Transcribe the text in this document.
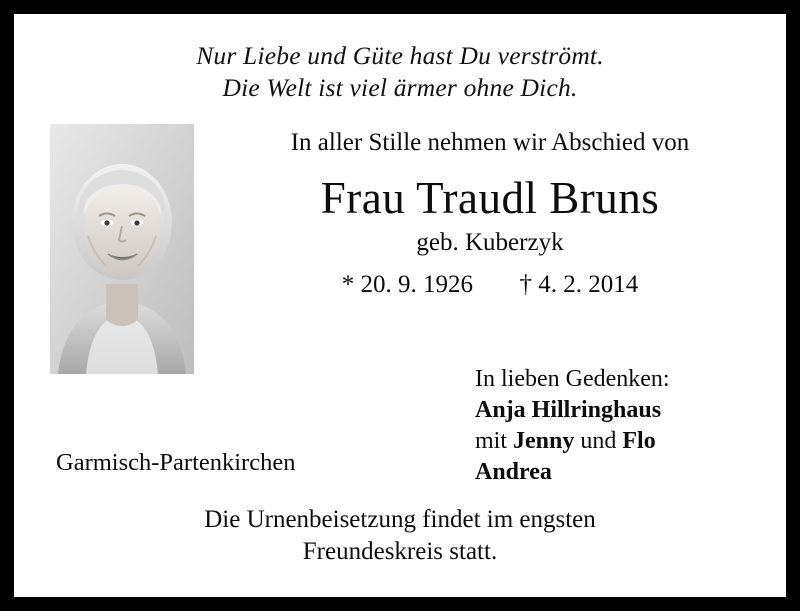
Nur Liebe und Güte hast Du verströmt.
Die Welt ist viel ärmer ohne Dich.
In aller Stille nehmen wir Abschied von
Frau Traudl Bruns
geb. Kuberzyk
* 20. 9. 1926 † 4. 2. 2014
In lieben Gedenken:
Anja Hillringhaus
mit Jenny und Flo
Andrea
Garmisch-Partenkirchen
Die Urnenbeisetzung findet im engsten
Freundeskreis statt.
